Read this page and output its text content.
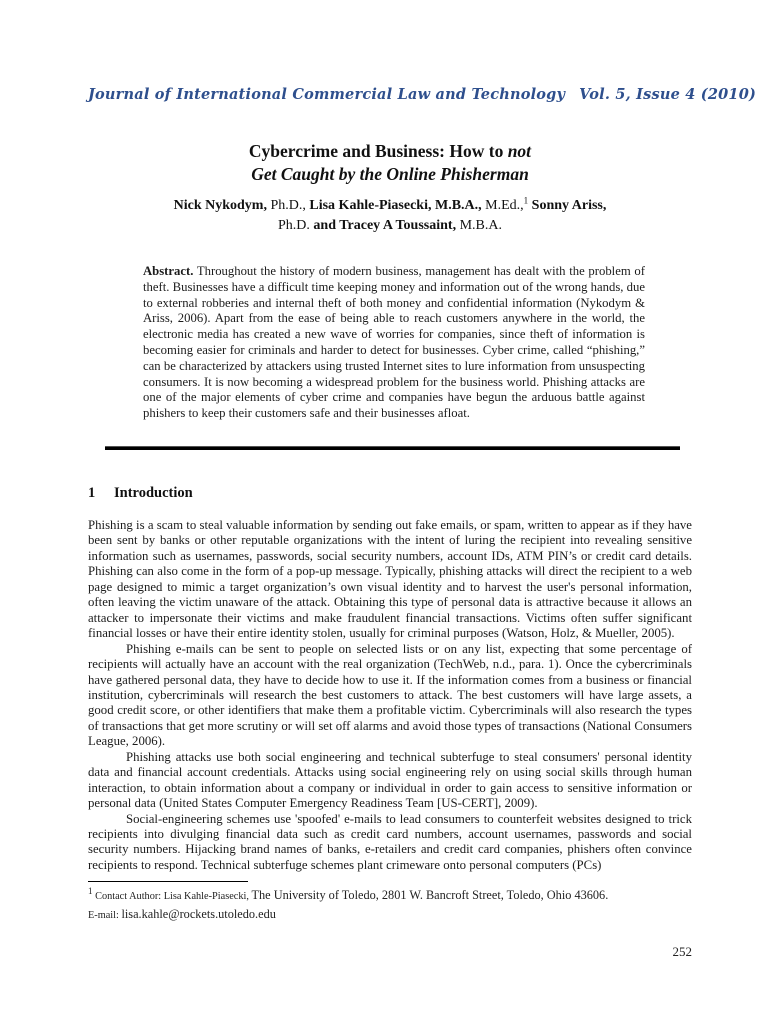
Journal of International Commercial Law and Technology Vol. 5, Issue 4 (2010)
Cybercrime and Business: How to not
Get Caught by the Online Phisherman
Nick Nykodym, Ph.D., Lisa Kahle-Piasecki, M.B.A., M.Ed.,$^1$ Sonny Ariss,
Ph.D. and Tracey A Toussaint, M.B.A.
Abstract. Throughout the history of modern business, management has dealt with the problem of theft. Businesses have a difficult time keeping money and information out of the wrong hands, due to external robberies and internal theft of both money and confidential information (Nykodym & Ariss, 2006). Apart from the ease of being able to reach customers anywhere in the world, the electronic media has created a new wave of worries for companies, since theft of information is becoming easier for criminals and harder to detect for businesses. Cyber crime, called “phishing,” can be characterized by attackers using trusted Internet sites to lure information from unsuspecting consumers. It is now becoming a widespread problem for the business world. Phishing attacks are one of the major elements of cyber crime and companies have begun the arduous battle against phishers to keep their customers safe and their businesses afloat.
1 Introduction

Phishing is a scam to steal valuable information by sending out fake emails, or spam, written to appear as if they have been sent by banks or other reputable organizations with the intent of luring the recipient into revealing sensitive information such as usernames, passwords, social security numbers, account IDs, ATM PIN’s or credit card details. Phishing can also come in the form of a pop-up message. Typically, phishing attacks will direct the recipient to a web page designed to mimic a target organization’s own visual identity and to harvest the user's personal information, often leaving the victim unaware of the attack. Obtaining this type of personal data is attractive because it allows an attacker to impersonate their victims and make fraudulent financial transactions. Victims often suffer significant financial losses or have their entire identity stolen, usually for criminal purposes (Watson, Holz, & Mueller, 2005).

Phishing e-mails can be sent to people on selected lists or on any list, expecting that some percentage of recipients will actually have an account with the real organization (TechWeb, n.d., para. 1). Once the cybercriminals have gathered personal data, they have to decide how to use it. If the information comes from a business or financial institution, cybercriminals will research the best customers to attack. The best customers will have large assets, a good credit score, or other identifiers that make them a profitable victim. Cybercriminals will also research the types of transactions that get more scrutiny or will set off alarms and avoid those types of transactions (National Consumers League, 2006).

Phishing attacks use both social engineering and technical subterfuge to steal consumers' personal identity data and financial account credentials. Attacks using social engineering rely on using social skills through human interaction, to obtain information about a company or individual in order to gain access to sensitive information or personal data (United States Computer Emergency Readiness Team [US-CERT], 2009).

Social-engineering schemes use 'spoofed' e-mails to lead consumers to counterfeit websites designed to trick recipients into divulging financial data such as credit card numbers, account usernames, passwords and social security numbers. Hijacking brand names of banks, e-retailers and credit card companies, phishers often convince recipients to respond. Technical subterfuge schemes plant crimeware onto personal computers (PCs)

$^1$ Contact Author: Lisa Kahle-Piasecki, The University of Toledo, 2801 W. Bancroft Street, Toledo, Ohio 43606.
E-mail: lisa.kahle@rockets.utoledo.edu
252
